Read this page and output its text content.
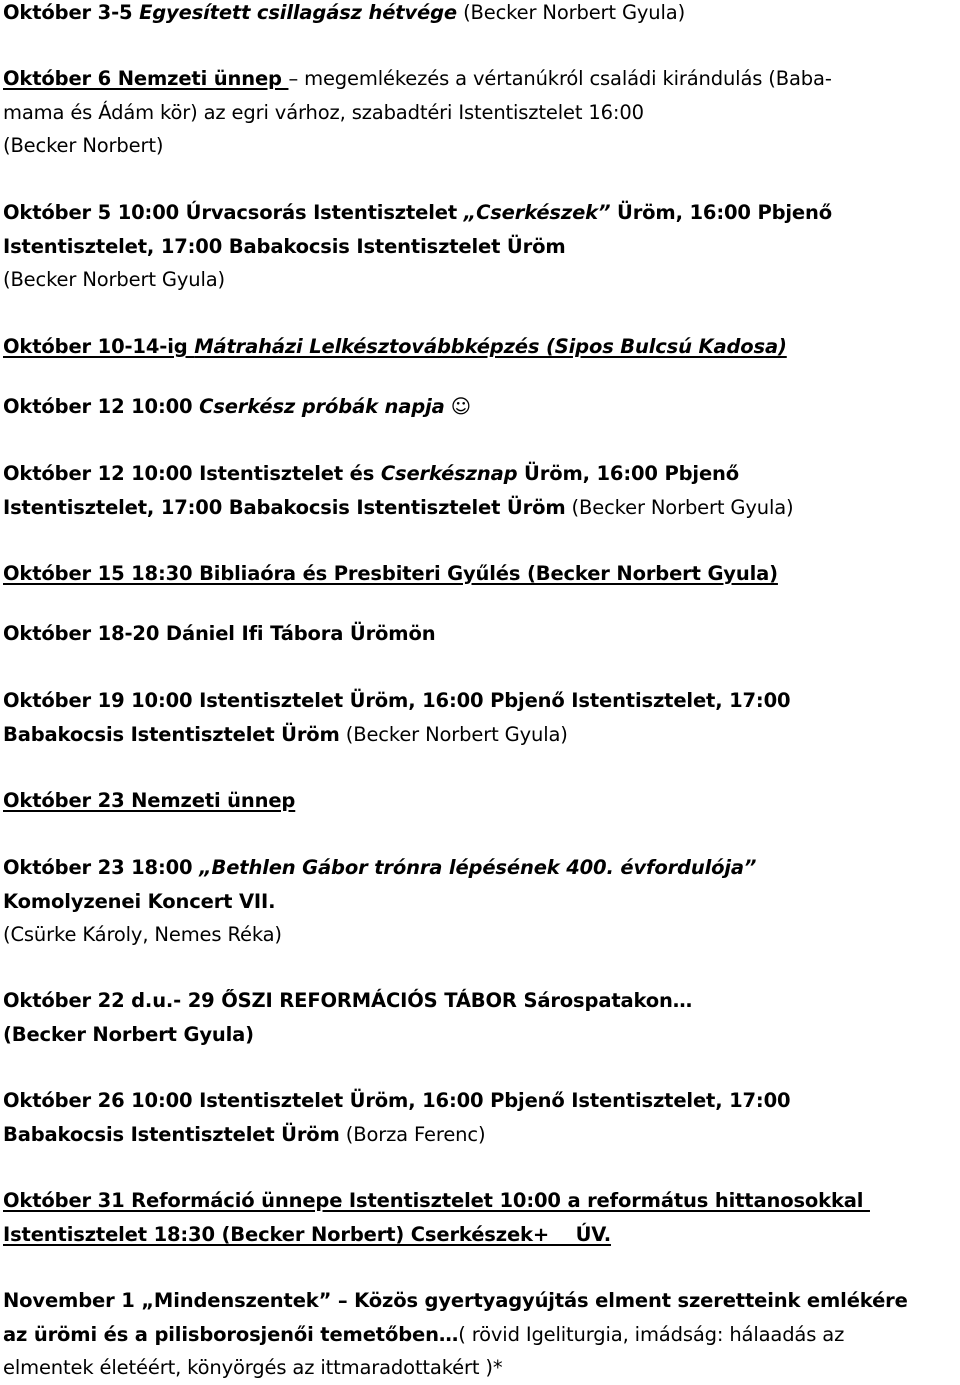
Október 3-5 Egyesített csillagász hétvége (Becker Norbert Gyula)
Október 6 Nemzeti ünnep – megemlékezés a vértanúkról családi kirándulás (Baba-
mama és Ádám kör) az egri várhoz, szabadtéri Istentisztelet 16:00
(Becker Norbert)
Október 5 10:00 Úrvacsorás Istentisztelet „Cserkészek” Üröm, 16:00 Pbjenő
Istentisztelet, 17:00 Babakocsis Istentisztelet Üröm
(Becker Norbert Gyula)
Október 10-14-ig Mátraházi Lelkésztovábbképzés (Sipos Bulcsú Kadosa)
Október 12 10:00 Cserkész próbák napja ☺
Október 12 10:00 Istentisztelet és Cserkésznap Üröm, 16:00 Pbjenő
Istentisztelet, 17:00 Babakocsis Istentisztelet Üröm (Becker Norbert Gyula)
Október 15 18:30 Bibliaóra és Presbiteri Gyűlés (Becker Norbert Gyula)
Október 18-20 Dániel Ifi Tábora Ürömön
Október 19 10:00 Istentisztelet Üröm, 16:00 Pbjenő Istentisztelet, 17:00
Babakocsis Istentisztelet Üröm (Becker Norbert Gyula)
Október 23 Nemzeti ünnep
Október 23 18:00 „Bethlen Gábor trónra lépésének 400. évfordulója”
Komolyzenei Koncert VII.
(Csürke Károly, Nemes Réka)
Október 22 d.u.- 29 ŐSZI REFORMÁCIÓS TÁBOR Sárospatakon…
(Becker Norbert Gyula)
Október 26 10:00 Istentisztelet Üröm, 16:00 Pbjenő Istentisztelet, 17:00
Babakocsis Istentisztelet Üröm (Borza Ferenc)
Október 31 Reformáció ünnepe Istentisztelet 10:00 a református hittanosokkal
Istentisztelet 18:30 (Becker Norbert) Cserkészek+    ÚV.
November 1 „Mindenszentek” – Közös gyertyagyújtás elment szeretteink emlékére
az ürömi és a pilisborosjenői temetőben…( rövid Igeliturgia, imádság: hálaadás az
elmentek életéért, könyörgés az ittmaradottakért )*
